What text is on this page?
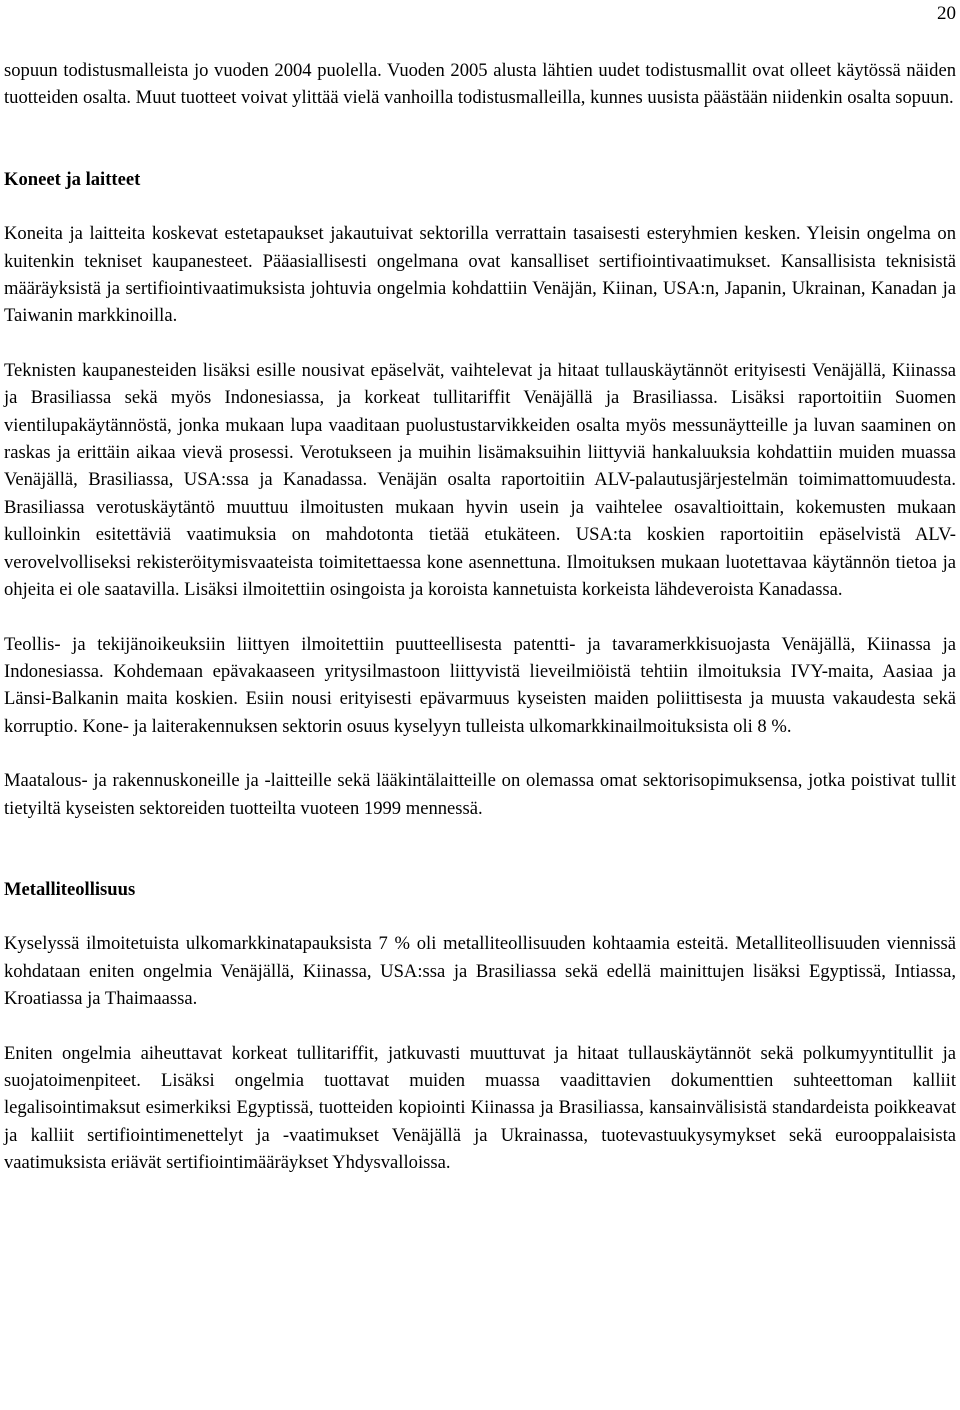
20

sopuun todistusmalleista jo vuoden 2004 puolella. Vuoden 2005 alusta lähtien uudet todistusmallit ovat olleet käytössä näiden tuotteiden osalta. Muut tuotteet voivat ylittää vielä vanhoilla todistusmalleilla, kunnes uusista päästään niidenkin osalta sopuun.

Koneet ja laitteet

Koneita ja laitteita koskevat estetapaukset jakautuivat sektorilla verrattain tasaisesti esteryhmien kesken. Yleisin ongelma on kuitenkin tekniset kaupanesteet. Pääasiallisesti ongelmana ovat kansalliset sertifiointivaatimukset. Kansallisista teknisistä määräyksistä ja sertifiointivaatimuksista johtuvia ongelmia kohdattiin Venäjän, Kiinan, USA:n, Japanin, Ukrainan, Kanadan ja Taiwanin markkinoilla.

Teknisten kaupanesteiden lisäksi esille nousivat epäselvät, vaihtelevat ja hitaat tullauskäytännöt erityisesti Venäjällä, Kiinassa ja Brasiliassa sekä myös Indonesiassa, ja korkeat tullitariffit Venäjällä ja Brasiliassa. Lisäksi raportoitiin Suomen vientilupakäytännöstä, jonka mukaan lupa vaaditaan puolustustarvikkeiden osalta myös messunäytteille ja luvan saaminen on raskas ja erittäin aikaa vievä prosessi. Verotukseen ja muihin lisämaksuihin liittyviä hankaluuksia kohdattiin muiden muassa Venäjällä, Brasiliassa, USA:ssa ja Kanadassa. Venäjän osalta raportoitiin ALV-palautusjärjestelmän toimimattomuudesta. Brasiliassa verotuskäytäntö muuttuu ilmoitusten mukaan hyvin usein ja vaihtelee osavaltioittain, kokemusten mukaan kulloinkin esitettäviä vaatimuksia on mahdotonta tietää etukäteen. USA:ta koskien raportoitiin epäselvistä ALV-verovelvolliseksi rekisteröitymisvaateista toimitettaessa kone asennettuna. Ilmoituksen mukaan luotettavaa käytännön tietoa ja ohjeita ei ole saatavilla. Lisäksi ilmoitettiin osingoista ja koroista kannetuista korkeista lähdeveroista Kanadassa.

Teollis- ja tekijänoikeuksiin liittyen ilmoitettiin puutteellisesta patentti- ja tavaramerkkisuojasta Venäjällä, Kiinassa ja Indonesiassa. Kohdemaan epävakaaseen yritysilmastoon liittyvistä lieveilmiöistä tehtiin ilmoituksia IVY-maita, Aasiaa ja Länsi-Balkanin maita koskien. Esiin nousi erityisesti epävarmuus kyseisten maiden poliittisesta ja muusta vakaudesta sekä korruptio. Kone- ja laiterakennuksen sektorin osuus kyselyyn tulleista ulkomarkkinailmoituksista oli 8 %.

Maatalous- ja rakennuskoneille ja -laitteille sekä lääkintälaitteille on olemassa omat sektorisopimuksensa, jotka poistivat tullit tietyiltä kyseisten sektoreiden tuotteilta vuoteen 1999 mennessä.

Metalliteollisuus

Kyselyssä ilmoitetuista ulkomarkkinatapauksista 7 % oli metalliteollisuuden kohtaamia esteitä. Metalliteollisuuden viennissä kohdataan eniten ongelmia Venäjällä, Kiinassa, USA:ssa ja Brasiliassa sekä edellä mainittujen lisäksi Egyptissä, Intiassa, Kroatiassa ja Thaimaassa.

Eniten ongelmia aiheuttavat korkeat tullitariffit, jatkuvasti muuttuvat ja hitaat tullauskäytännöt sekä polkumyyntitullit ja suojatoimenpiteet. Lisäksi ongelmia tuottavat muiden muassa vaadittavien dokumenttien suhteettoman kalliit legalisointimaksut esimerkiksi Egyptissä, tuotteiden kopiointi Kiinassa ja Brasiliassa, kansainvälisistä standardeista poikkeavat ja kalliit sertifiointimenettelyt ja -vaatimukset Venäjällä ja Ukrainassa, tuotevastuukysymykset sekä eurooppalaisista vaatimuksista eriävät sertifiointimääräykset Yhdysvalloissa.
